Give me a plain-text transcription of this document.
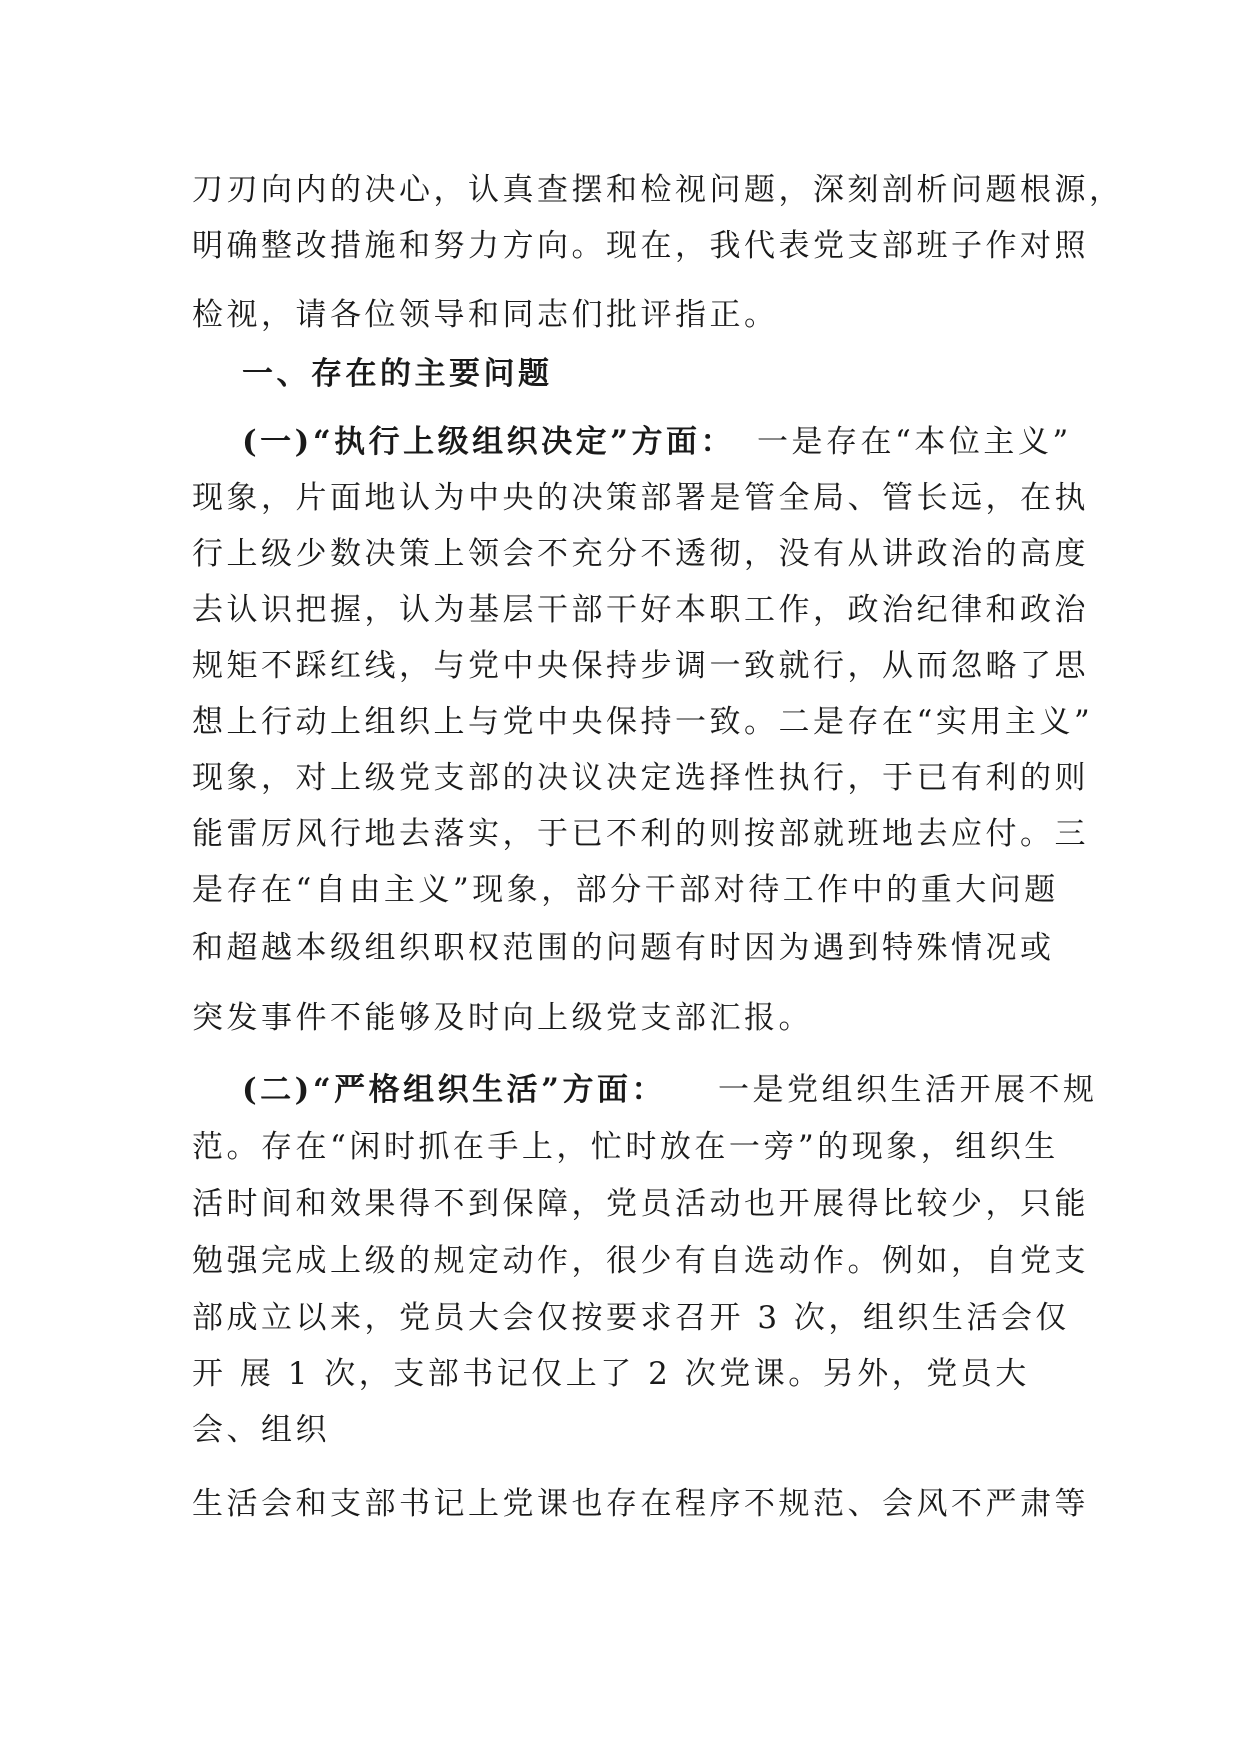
刀刃向内的决心，认真查摆和检视问题，深刻剖析问题根源，
明确整改措施和努力方向。现在，我代表党支部班子作对照
检视，请各位领导和同志们批评指正。
一、存在的主要问题
(一)“执行上级组织决定”方面： 一是存在“本位主义”
现象，片面地认为中央的决策部署是管全局、管长远，在执
行上级少数决策上领会不充分不透彻，没有从讲政治的高度
去认识把握，认为基层干部干好本职工作，政治纪律和政治
规矩不踩红线，与党中央保持步调一致就行，从而忽略了思
想上行动上组织上与党中央保持一致。二是存在“实用主义”
现象，对上级党支部的决议决定选择性执行，于已有利的则
能雷厉风行地去落实，于已不利的则按部就班地去应付。三
是存在“自由主义”现象，部分干部对待工作中的重大问题
和超越本级组织职权范围的问题有时因为遇到特殊情况或
突发事件不能够及时向上级党支部汇报。
(二)“严格组织生活”方面： 一是党组织生活开展不规
范。存在“闲时抓在手上，忙时放在一旁”的现象，组织生
活时间和效果得不到保障，党员活动也开展得比较少，只能
勉强完成上级的规定动作，很少有自选动作。例如，自党支
部成立以来，党员大会仅按要求召开 3 次，组织生活会仅
开 展 1 次，支部书记仅上了 2 次党课。另外，党员大
会、组织
生活会和支部书记上党课也存在程序不规范、会风不严肃等
